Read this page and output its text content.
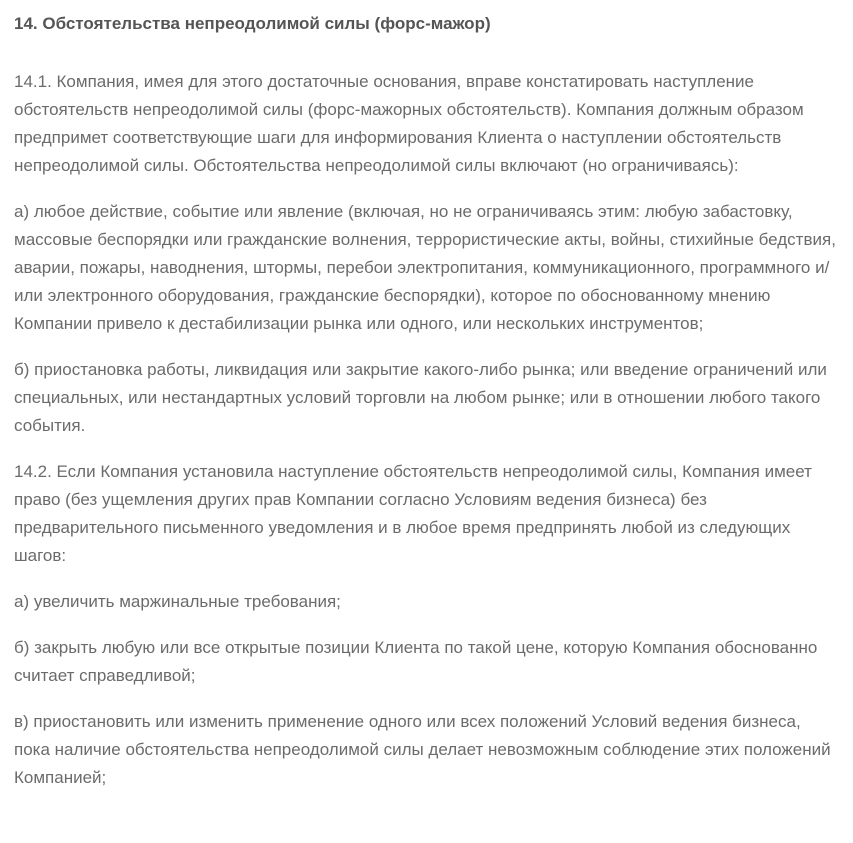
14. Обстоятельства непреодолимой силы (форс-мажор)

14.1. Компания, имея для этого достаточные основания, вправе констатировать наступление обстоятельств непреодолимой силы (форс-мажорных обстоятельств). Компания должным образом предпримет соответствующие шаги для информирования Клиента о наступлении обстоятельств непреодолимой силы. Обстоятельства непреодолимой силы включают (но ограничиваясь):

а) любое действие, событие или явление (включая, но не ограничиваясь этим: любую забастовку, массовые беспорядки или гражданские волнения, террористические акты, войны, стихийные бедствия, аварии, пожары, наводнения, штормы, перебои электропитания, коммуникационного, программного и/или электронного оборудования, гражданские беспорядки), которое по обоснованному мнению Компании привело к дестабилизации рынка или одного, или нескольких инструментов;

б) приостановка работы, ликвидация или закрытие какого-либо рынка; или введение ограничений или специальных, или нестандартных условий торговли на любом рынке; или в отношении любого такого события.

14.2. Если Компания установила наступление обстоятельств непреодолимой силы, Компания имеет право (без ущемления других прав Компании согласно Условиям ведения бизнеса) без предварительного письменного уведомления и в любое время предпринять любой из следующих шагов:

а) увеличить маржинальные требования;

б) закрыть любую или все открытые позиции Клиента по такой цене, которую Компания обоснованно считает справедливой;

в) приостановить или изменить применение одного или всех положений Условий ведения бизнеса, пока наличие обстоятельства непреодолимой силы делает невозможным соблюдение этих положений Компанией;
